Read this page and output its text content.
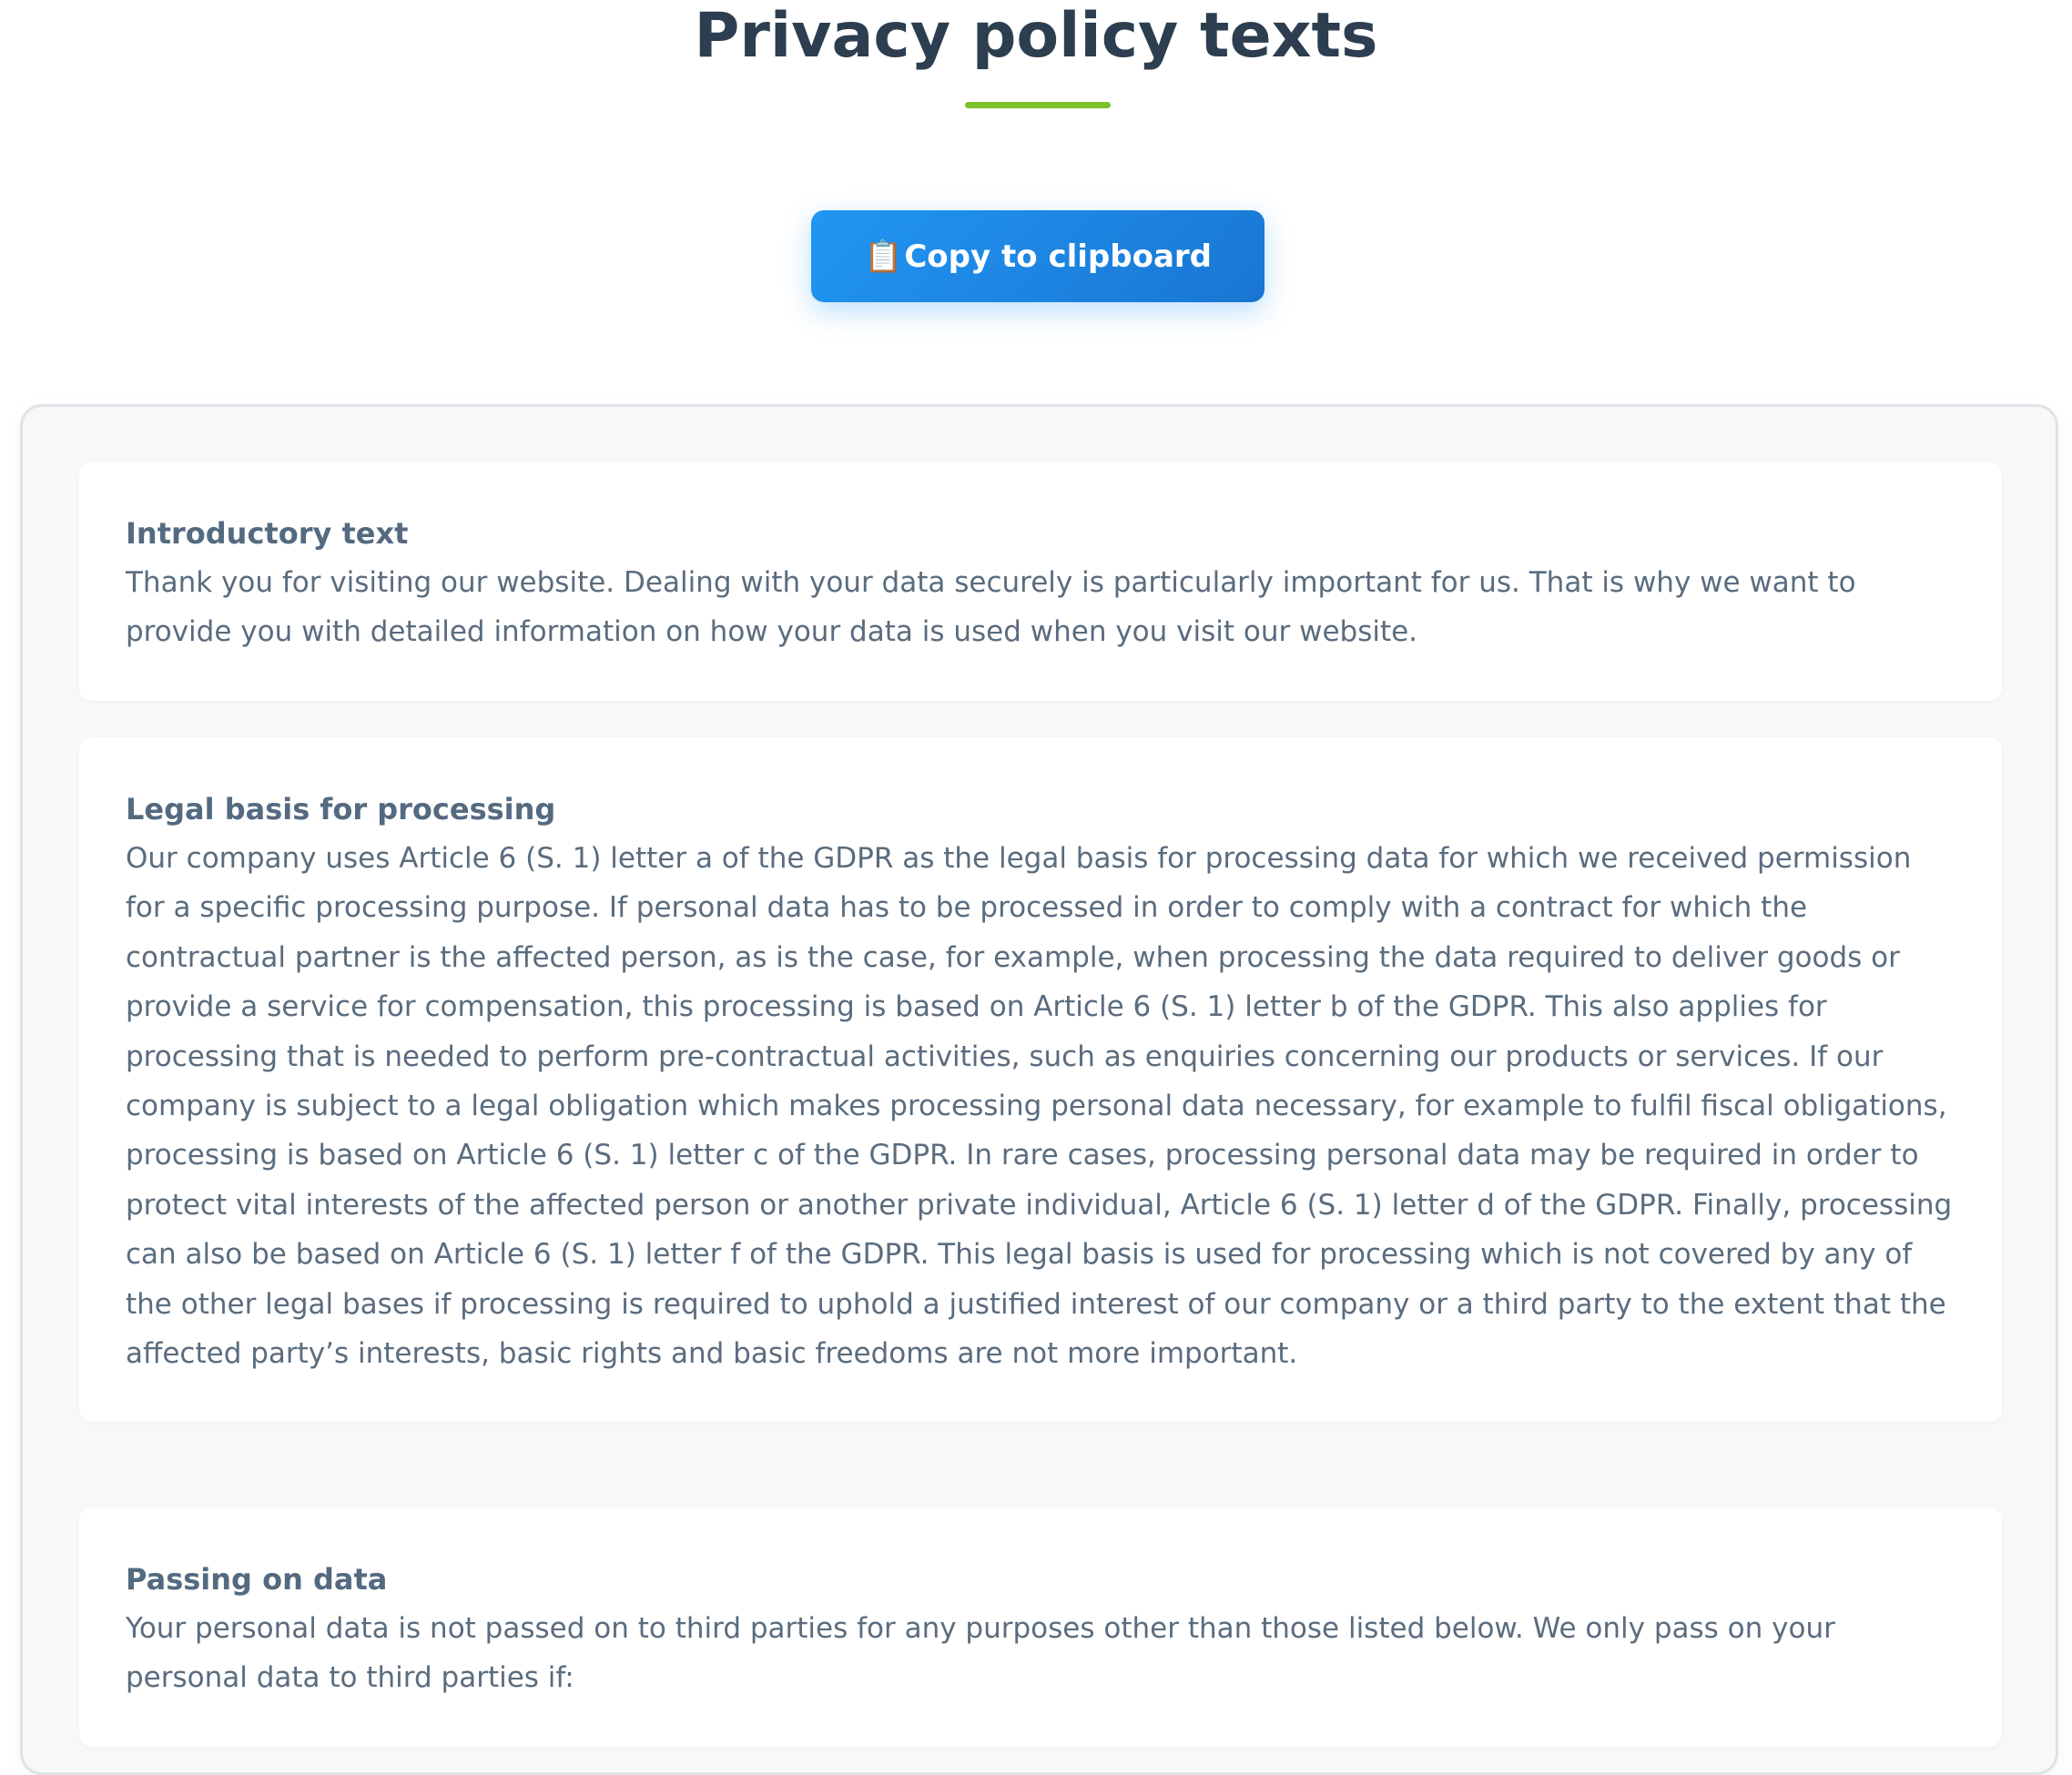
Privacy policy texts
📋 Copy to clipboard
Introductory text

Thank you for visiting our website. Dealing with your data securely is particularly important for us. That is why we want to provide you with detailed information on how your data is used when you visit our website.

Legal basis for processing

Our company uses Article 6 (S. 1) letter a of the GDPR as the legal basis for processing data for which we received permission for a specific processing purpose. If personal data has to be processed in order to comply with a contract for which the contractual partner is the affected person, as is the case, for example, when processing the data required to deliver goods or provide a service for compensation, this processing is based on Article 6 (S. 1) letter b of the GDPR. This also applies for processing that is needed to perform pre-contractual activities, such as enquiries concerning our products or services. If our company is subject to a legal obligation which makes processing personal data necessary, for example to fulfil fiscal obligations, processing is based on Article 6 (S. 1) letter c of the GDPR. In rare cases, processing personal data may be required in order to protect vital interests of the affected person or another private individual, Article 6 (S. 1) letter d of the GDPR. Finally, processing can also be based on Article 6 (S. 1) letter f of the GDPR. This legal basis is used for processing which is not covered by any of the other legal bases if processing is required to uphold a justified interest of our company or a third party to the extent that the affected party’s interests, basic rights and basic freedoms are not more important.

Passing on data

Your personal data is not passed on to third parties for any purposes other than those listed below. We only pass on your personal data to third parties if:
